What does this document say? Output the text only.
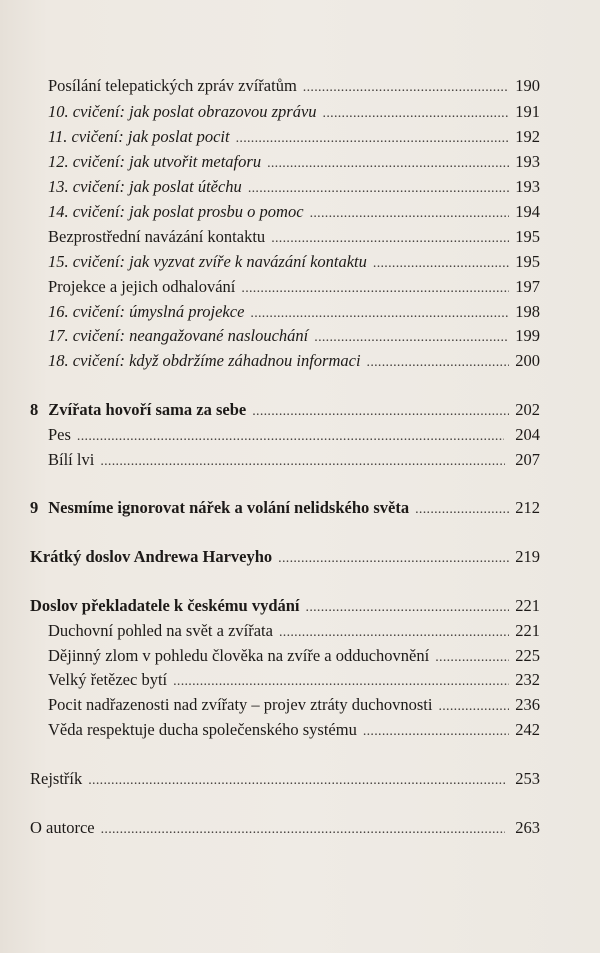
Posílání telepatických zpráv zvířatům . . .	190
10. cvičení: jak poslat obrazovou zprávu . . .	191
11. cvičení: jak poslat pocit . . .	192
12. cvičení: jak utvořit metaforu . . .	193
13. cvičení: jak poslat útěchu . . .	193
14. cvičení: jak poslat prosbu o pomoc . . .	194
Bezprostřední navázání kontaktu . . .	195
15. cvičení: jak vyzvat zvíře k navázání kontaktu . . .	195
Projekce a jejich odhalování . . .	197
16. cvičení: úmyslná projekce . . .	198
17. cvičení: neangažované naslouchání . . .	199
18. cvičení: když obdržíme záhadnou informaci . . .	200
8 Zvířata hovoří sama za sebe . . .	202
Pes . . .	204
Bílí lvi . . .	207
9 Nesmíme ignorovat nářek a volání nelidského světa . . .	212
Krátký doslov Andrewa Harveyho . . .	219
Doslov překladatele k českému vydání . . .	221
Duchovní pohled na svět a zvířata . . .	221
Dějinný zlom v pohledu člověka na zvíře a odduchovnění . . .	225
Velký řetězec bytí . . .	232
Pocit nadřazenosti nad zvířaty – projev ztráty duchovnosti . . .	236
Věda respektuje ducha společenského systému . . .	242
Rejstřík . . .	253
O autorce . . .	263
